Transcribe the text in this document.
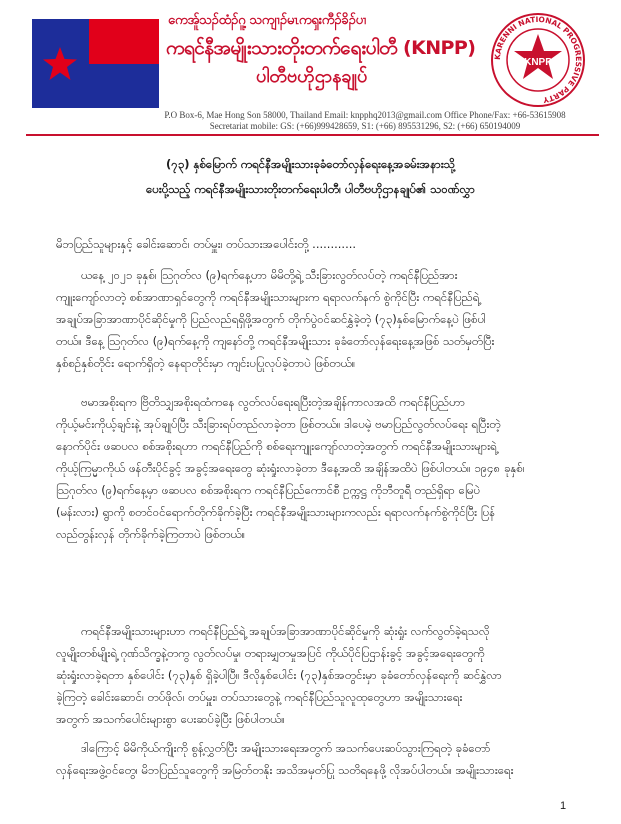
ကေအ်ူသၣ်ထံၣ်ဂူ့ သကျၢၣ်မၤကၡးကီၣ်ခိၣ်ပၢ
ကရင်နီအမျိုးသားတိုးတက်ရေးပါတီ (KNPP)
ပါတီဗဟိုဌာနချုပ်
KARENNI NATIONAL PROGRESSIVE PARTY
KNPP
P.O Box-6, Mae Hong Son 58000, Thailand Email: knpphq2013@gmail.com Office Phone/Fax: +66-53615908
Secretariat mobile: GS: (+66)999428659, S1: (+66) 895531296, S2: (+66) 650194009
(၇၃) နှစ်မြောက် ကရင်နီအမျိုးသားခုခံတော်လှန်ရေးနေ့အခမ်းအနားသို့
ပေးပို့သည့် ကရင်နီအမျိုးသားတိုးတက်ရေးပါတီ၊ ပါတီဗဟိုဌာနချုပ်၏ သဝဏ်လွှာ
မိဘပြည်သူများနှင့် ခေါင်းဆောင်၊ တပ်မှူး၊ တပ်သားအပေါင်းတို့ ............
ယနေ့ ၂၀၂၁ ခုနှစ်၊ ဩဂုတ်လ (၉)ရက်နေ့ဟာ မိမိတို့ရဲ့ သီးခြားလွတ်လပ်တဲ့ ကရင်နီပြည်အား
ကျူးကျော်လာတဲ့ စစ်အာဏာရှင်တွေကို ကရင်နီအမျိုးသားများက ရရာလက်နက် စွဲကိုင်ပြီး ကရင်နီပြည်ရဲ့
အချုပ်အခြာအာဏာပိုင်ဆိုင်မှုကို ပြည်လည်ရရှိဖို့အတွက် တိုက်ပွဲဝင်ဆင်နွှဲခဲ့တဲ့ (၇၃)နှစ်မြောက်နေ့ပဲ ဖြစ်ပါ
တယ်။ ဒီနေ့ ဩဂုတ်လ (၉)ရက်နေ့ကို ကျနော်တို့ ကရင်နီအမျိုးသား ခုခံတော်လှန်ရေးနေ့အဖြစ် သတ်မှတ်ပြီး
နှစ်စဉ်နှစ်တိုင်း ရောက်ရှိတဲ့ နေရာတိုင်းမှာ ကျင်းပပြုလုပ်ခဲ့တာပဲ ဖြစ်တယ်။
ဗမာအစိုးရက ဗြိတိသျှအစိုးရထံကနေ လွတ်လပ်ရေးရပြီးတဲ့အချိန်ကာလအထိ ကရင်နီပြည်ဟာ
ကိုယ့်မင်းကိုယ့်ချင်းနဲ့ အုပ်ချုပ်ပြီး သီးခြားရပ်တည်လာခဲ့တာ ဖြစ်တယ်။ ဒါပေမဲ့ ဗမာပြည်လွတ်လပ်ရေး ရပြီးတဲ့
နောက်ပိုင်း ဖဆပလ စစ်အစိုးရဟာ ကရင်နီပြည်ကို စစ်ရေးကျူးကျော်လာတဲ့အတွက် ကရင်နီအမျိုးသားများရဲ့
ကိုယ့်ကြမ္မာကိုယ် ဖန်တီးပိုင်ခွင့် အခွင့်အရေးတွေ ဆုံးရှုံးလာခဲ့တာ ဒီနေ့အထိ အချိန်အထိပဲ ဖြစ်ပါတယ်။ ၁၉၄၈ ခုနှစ်၊
ဩဂုတ်လ (၉)ရက်နေ့မှာ ဖဆပလ စစ်အစိုးရက ကရင်နီပြည်ကောင်စီ ဥက္ကဋ္ဌ ကိုဘီတူရီ တည်ရှိရာ မြေပဲ
(မန်းလား) ရွာကို စတင်ဝင်ရောက်တိုက်ခိုက်ခဲ့ပြီး ကရင်နီအမျိုးသားများကလည်း ရရာလက်နက်စွဲကိုင်ပြီး ပြန်
လည်တွန်းလှန် တိုက်ခိုက်ခဲ့ကြတာပဲ ဖြစ်တယ်။
ကရင်နီအမျိုးသားများဟာ ကရင်နီပြည်ရဲ့ အချုပ်အခြာအာဏာပိုင်ဆိုင်မှုကို ဆုံးရှုံး လက်လွတ်ခဲ့ရသလို
လူမျိုးတစ်မျိုးရဲ့ ဂုဏ်သိက္ခနဲ့တကွ လွတ်လပ်မှု၊ တရားမျှတမှုအပြင် ကိုယ်ပိုင်ပြဌာန်းခွင့် အခွင့်အရေးတွေကို
ဆုံးရှုံးလာခဲ့ရတာ နှစ်ပေါင်း (၇၃)နှစ် ရှိခဲ့ပါပြီ။ ဒီလိုနှစ်ပေါင်း (၇၃)နှစ်အတွင်းမှာ ခုခံတော်လှန်ရေးကို ဆင်နွှဲလာ
ခဲ့ကြတဲ့ ခေါင်းဆောင်၊ တပ်ဖိုလ်၊ တပ်မှူး၊ တပ်သားတွေနဲ့ ကရင်နီပြည်သူလူထုတွေဟာ အမျိုးသားရေး
အတွက် အသက်ပေါင်းများစွာ ပေးဆပ်ခဲ့ပြီး ဖြစ်ပါတယ်။
ဒါကြောင့် မိမိကိုယ်ကျိုးကို စွန့်လွှတ်ပြီး အမျိုးသားရေးအတွက် အသက်ပေးဆပ်သွားကြရတဲ့ ခုခံတော်
လှန်ရေးအဖွဲ့ဝင်တွေ၊ မိဘပြည်သူတွေကို အမြတ်တနိုး အသိအမှတ်ပြု သတိရနေဖို့ လိုအပ်ပါတယ်။ အမျိုးသားရေး
1
